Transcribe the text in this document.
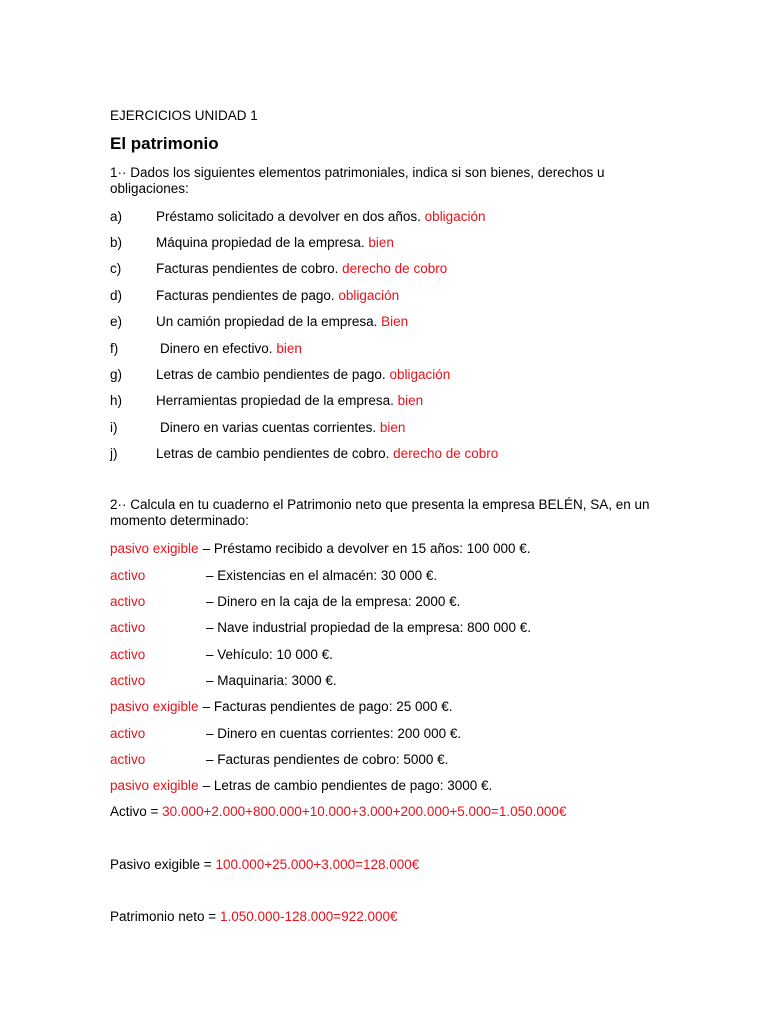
EJERCICIOS UNIDAD 1
El patrimonio
1·· Dados los siguientes elementos patrimoniales, indica si son bienes, derechos u obligaciones:
a)	Préstamo solicitado a devolver en dos años. obligación
b)	Máquina propiedad de la empresa. bien
c)	Facturas pendientes de cobro. derecho de cobro
d)	Facturas pendientes de pago. obligación
e)	Un camión propiedad de la empresa. Bien
f)	Dinero en efectivo. bien
g)	Letras de cambio pendientes de pago. obligación
h)	Herramientas propiedad de la empresa. bien
i)	Dinero en varias cuentas corrientes. bien
j)	Letras de cambio pendientes de cobro. derecho de cobro
2·· Calcula en tu cuaderno el Patrimonio neto que presenta la empresa BELÉN, SA, en un momento determinado:
pasivo exigible – Préstamo recibido a devolver en 15 años: 100 000 €.
activo	– Existencias en el almacén: 30 000 €.
activo	– Dinero en la caja de la empresa: 2000 €.
activo	– Nave industrial propiedad de la empresa: 800 000 €.
activo	– Vehículo: 10 000 €.
activo	– Maquinaria: 3000 €.
pasivo exigible – Facturas pendientes de pago: 25 000 €.
activo	– Dinero en cuentas corrientes: 200 000 €.
activo	– Facturas pendientes de cobro: 5000 €.
pasivo exigible – Letras de cambio pendientes de pago: 3000 €.
Activo = 30.000+2.000+800.000+10.000+3.000+200.000+5.000=1.050.000€
Pasivo exigible = 100.000+25.000+3.000=128.000€
Patrimonio neto = 1.050.000-128.000=922.000€
